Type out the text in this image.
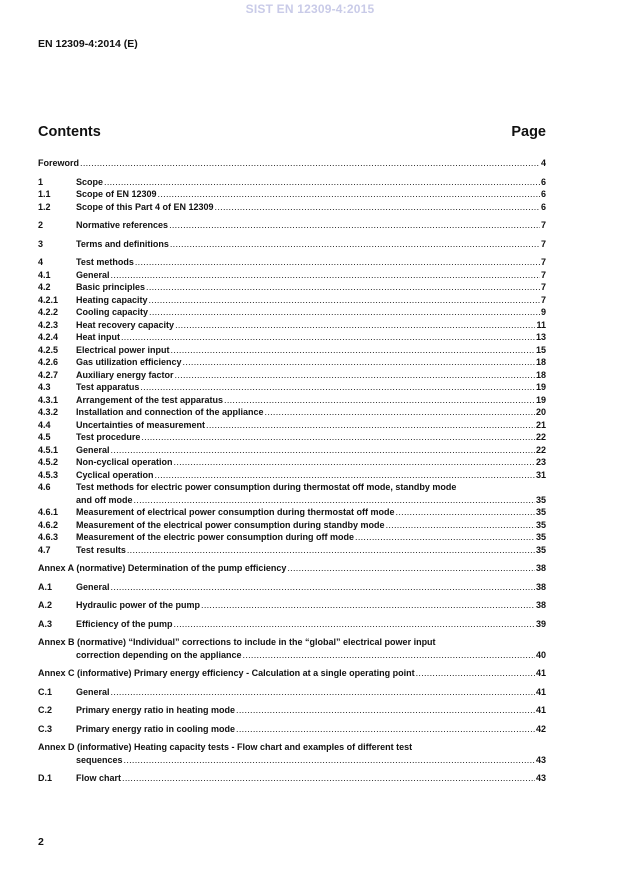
SIST EN 12309-4:2015
EN 12309-4:2014 (E)
Contents	Page
Foreword .....	4
1	Scope .....	6
1.1	Scope of EN 12309 .....	6
1.2	Scope of this Part 4 of EN 12309 .....	6
2	Normative references .....	7
3	Terms and definitions .....	7
4	Test methods .....	7
4.1	General .....	7
4.2	Basic principles .....	7
4.2.1	Heating capacity .....	7
4.2.2	Cooling capacity .....	9
4.2.3	Heat recovery capacity .....	11
4.2.4	Heat input .....	13
4.2.5	Electrical power input .....	15
4.2.6	Gas utilization efficiency .....	18
4.2.7	Auxiliary energy factor .....	18
4.3	Test apparatus .....	19
4.3.1	Arrangement of the test apparatus .....	19
4.3.2	Installation and connection of the appliance .....	20
4.4	Uncertainties of measurement .....	21
4.5	Test procedure .....	22
4.5.1	General .....	22
4.5.2	Non-cyclical operation .....	23
4.5.3	Cyclical operation .....	31
4.6	Test methods for electric power consumption during thermostat off mode, standby mode
and off mode .....	35
4.6.1	Measurement of electrical power consumption during thermostat off mode .....	35
4.6.2	Measurement of the electrical power consumption during standby mode .....	35
4.6.3	Measurement of the electric power consumption during off mode .....	35
4.7	Test results .....	35
Annex A (normative) Determination of the pump efficiency .....	38
A.1	General .....	38
A.2	Hydraulic power of the pump .....	38
A.3	Efficiency of the pump .....	39
Annex B (normative) “Individual” corrections to include in the “global” electrical power input
correction depending on the appliance .....	40
Annex C (informative) Primary energy efficiency - Calculation at a single operating point .....	41
C.1	General .....	41
C.2	Primary energy ratio in heating mode .....	41
C.3	Primary energy ratio in cooling mode .....	42
Annex D (informative) Heating capacity tests - Flow chart and examples of different test
sequences .....	43
D.1	Flow chart .....	43
2
